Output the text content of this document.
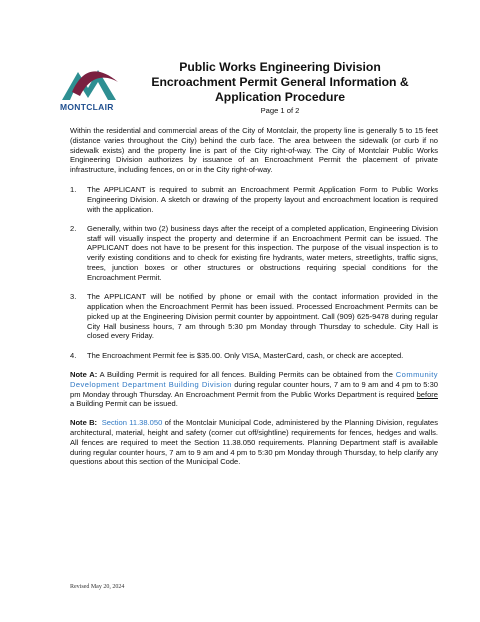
MONTCLAIR
Public Works Engineering Division
Encroachment Permit General Information &
Application Procedure
Page 1 of 2

Within the residential and commercial areas of the City of Montclair, the property line is generally 5 to 15 feet (distance varies throughout the City) behind the curb face. The area between the sidewalk (or curb if no sidewalk exists) and the property line is part of the City right-of-way. The City of Montclair Public Works Engineering Division authorizes by issuance of an Encroachment Permit the placement of private infrastructure, including fences, on or in the City right-of-way.

1. The APPLICANT is required to submit an Encroachment Permit Application Form to Public Works Engineering Division. A sketch or drawing of the property layout and encroachment location is required with the application.
2. Generally, within two (2) business days after the receipt of a completed application, Engineering Division staff will visually inspect the property and determine if an Encroachment Permit can be issued. The APPLICANT does not have to be present for this inspection. The purpose of the visual inspection is to verify existing conditions and to check for existing fire hydrants, water meters, streetlights, traffic signs, trees, junction boxes or other structures or obstructions requiring special conditions for the Encroachment Permit.
3. The APPLICANT will be notified by phone or email with the contact information provided in the application when the Encroachment Permit has been issued. Processed Encroachment Permits can be picked up at the Engineering Division permit counter by appointment. Call (909) 625-9478 during regular City Hall business hours, 7 am through 5:30 pm Monday through Thursday to schedule. City Hall is closed every Friday.
4. The Encroachment Permit fee is $35.00. Only VISA, MasterCard, cash, or check are accepted.

Note A: A Building Permit is required for all fences. Building Permits can be obtained from the Community Development Department Building Division during regular counter hours, 7 am to 9 am and 4 pm to 5:30 pm Monday through Thursday. An Encroachment Permit from the Public Works Department is required before a Building Permit can be issued.

Note B: Section 11.38.050 of the Montclair Municipal Code, administered by the Planning Division, regulates architectural, material, height and safety (corner cut off/sightline) requirements for fences, hedges and walls. All fences are required to meet the Section 11.38.050 requirements. Planning Department staff is available during regular counter hours, 7 am to 9 am and 4 pm to 5:30 pm Monday through Thursday, to help clarify any questions about this section of the Municipal Code.

Revised May 20, 2024
